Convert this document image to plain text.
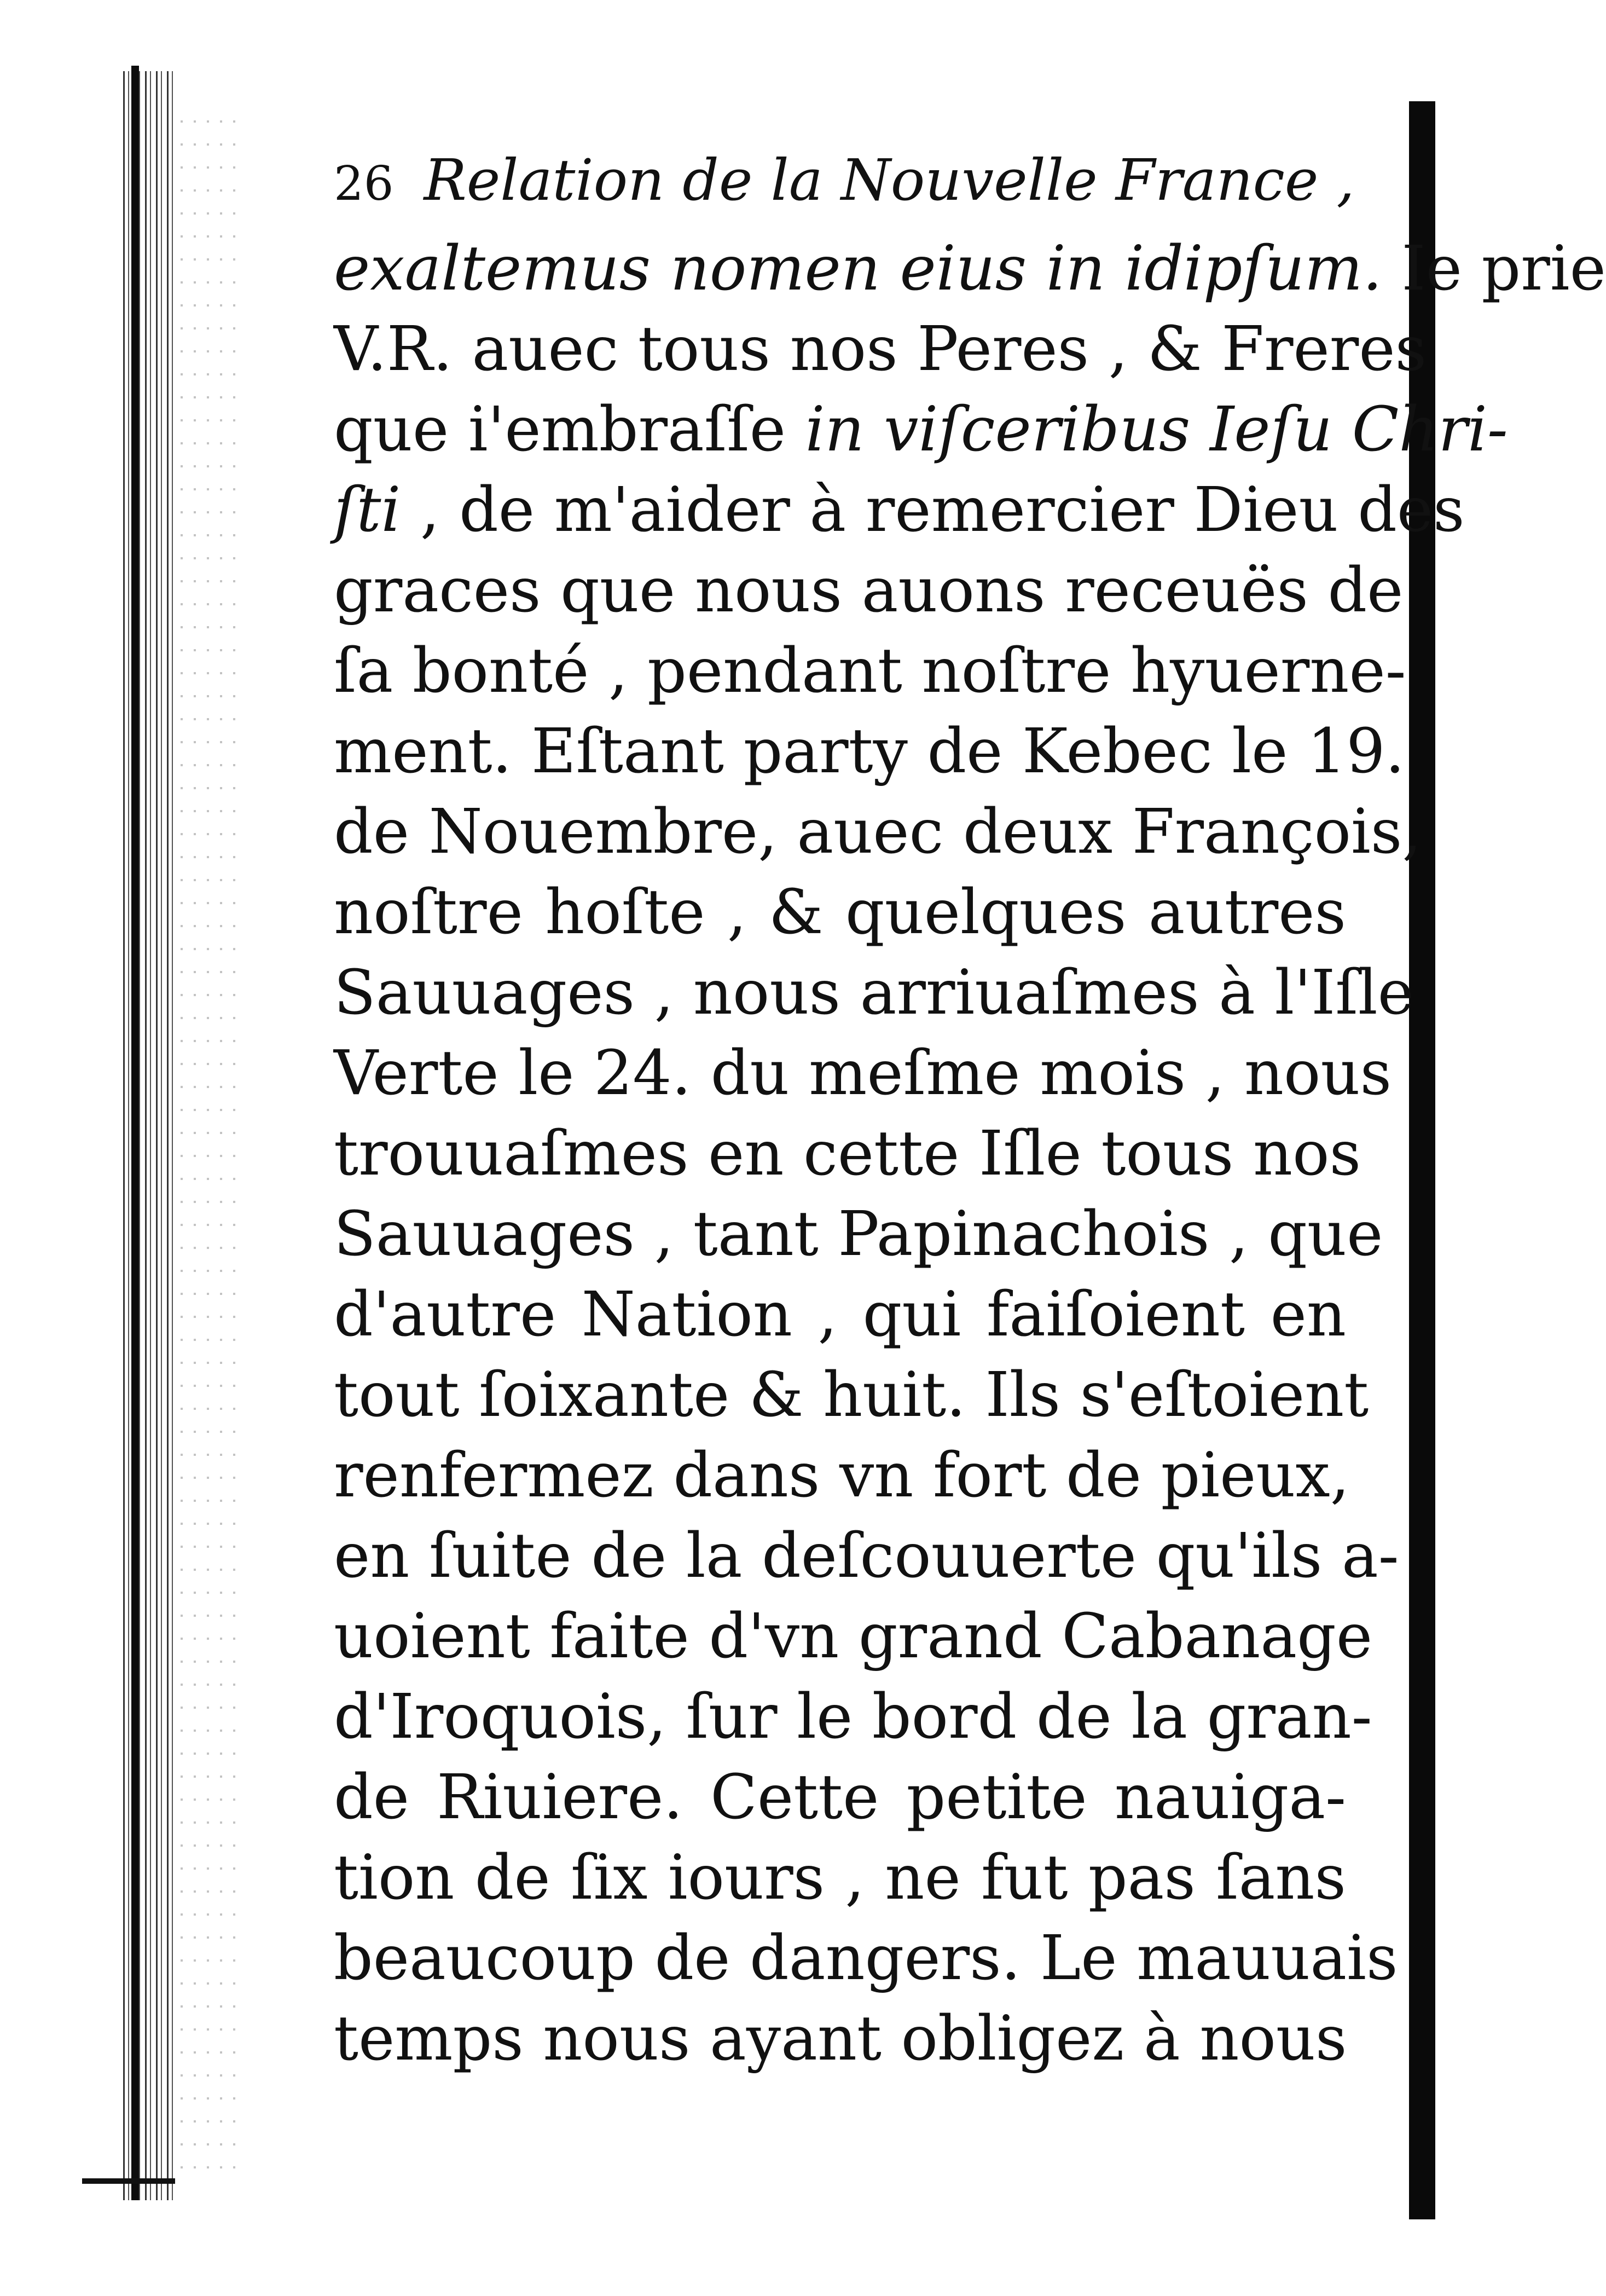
26 Relation de la Nouvelle France ,
exaltemus nomen eius in idipſum. Ie prie
V.R. auec tous nos Peres , & Freres
que i'embraſſe in viſceribus Ieſu Chri-
ſti , de m'aider à remercier Dieu des
graces que nous auons receuës de
ſa bonté , pendant noſtre hyuerne-
ment. Eſtant party de Kebec le 19.
de Nouembre, auec deux François,
noſtre hoſte , & quelques autres
Sauuages , nous arriuaſmes à l'Iſle
Verte le 24. du meſme mois , nous
trouuaſmes en cette Iſle tous nos
Sauuages , tant Papinachois , que
d'autre Nation , qui faiſoient en
tout ſoixante & huit. Ils s'eſtoient
renfermez dans vn fort de pieux,
en ſuite de la deſcouuerte qu'ils a-
uoient faite d'vn grand Cabanage
d'Iroquois, ſur le bord de la gran-
de Riuiere. Cette petite nauiga-
tion de ſix iours , ne fut pas ſans
beaucoup de dangers. Le mauuais
temps nous ayant obligez à nous
